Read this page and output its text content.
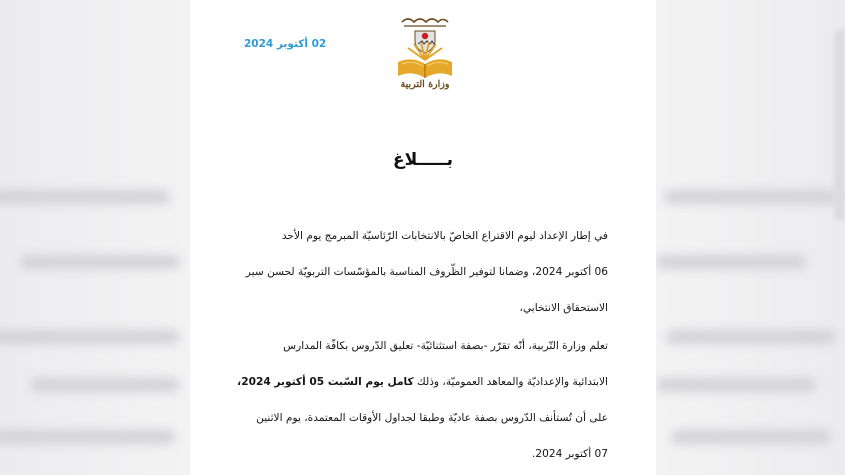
02 أكتوبر 2024
وزارة التربية
بـــــلاغ
في إطار الإعداد ليوم الاقتراع الخاصّ بالانتخابات الرّئاسيّة المبرمج يوم الأحد
06 أكتوبر 2024، وضمانا لتوفير الظّروف المناسبة بالمؤسّسات التربويّة لحسن سير
الاستحقاق الانتخابي،
تعلم وزارة التّربية، أنّه تقرّر -بصفة استثنائيّة- تعليق الدّروس بكافّة المدارس
الابتدائية والإعداديّة والمعاهد العموميّة، وذلك كامل يوم السّبت 05 أكتوبر 2024،
على أن تُستأنف الدّروس بصفة عاديّة وطبقا لجداول الأوقات المعتمدة، يوم الاثنين
07 أكتوبر 2024.
